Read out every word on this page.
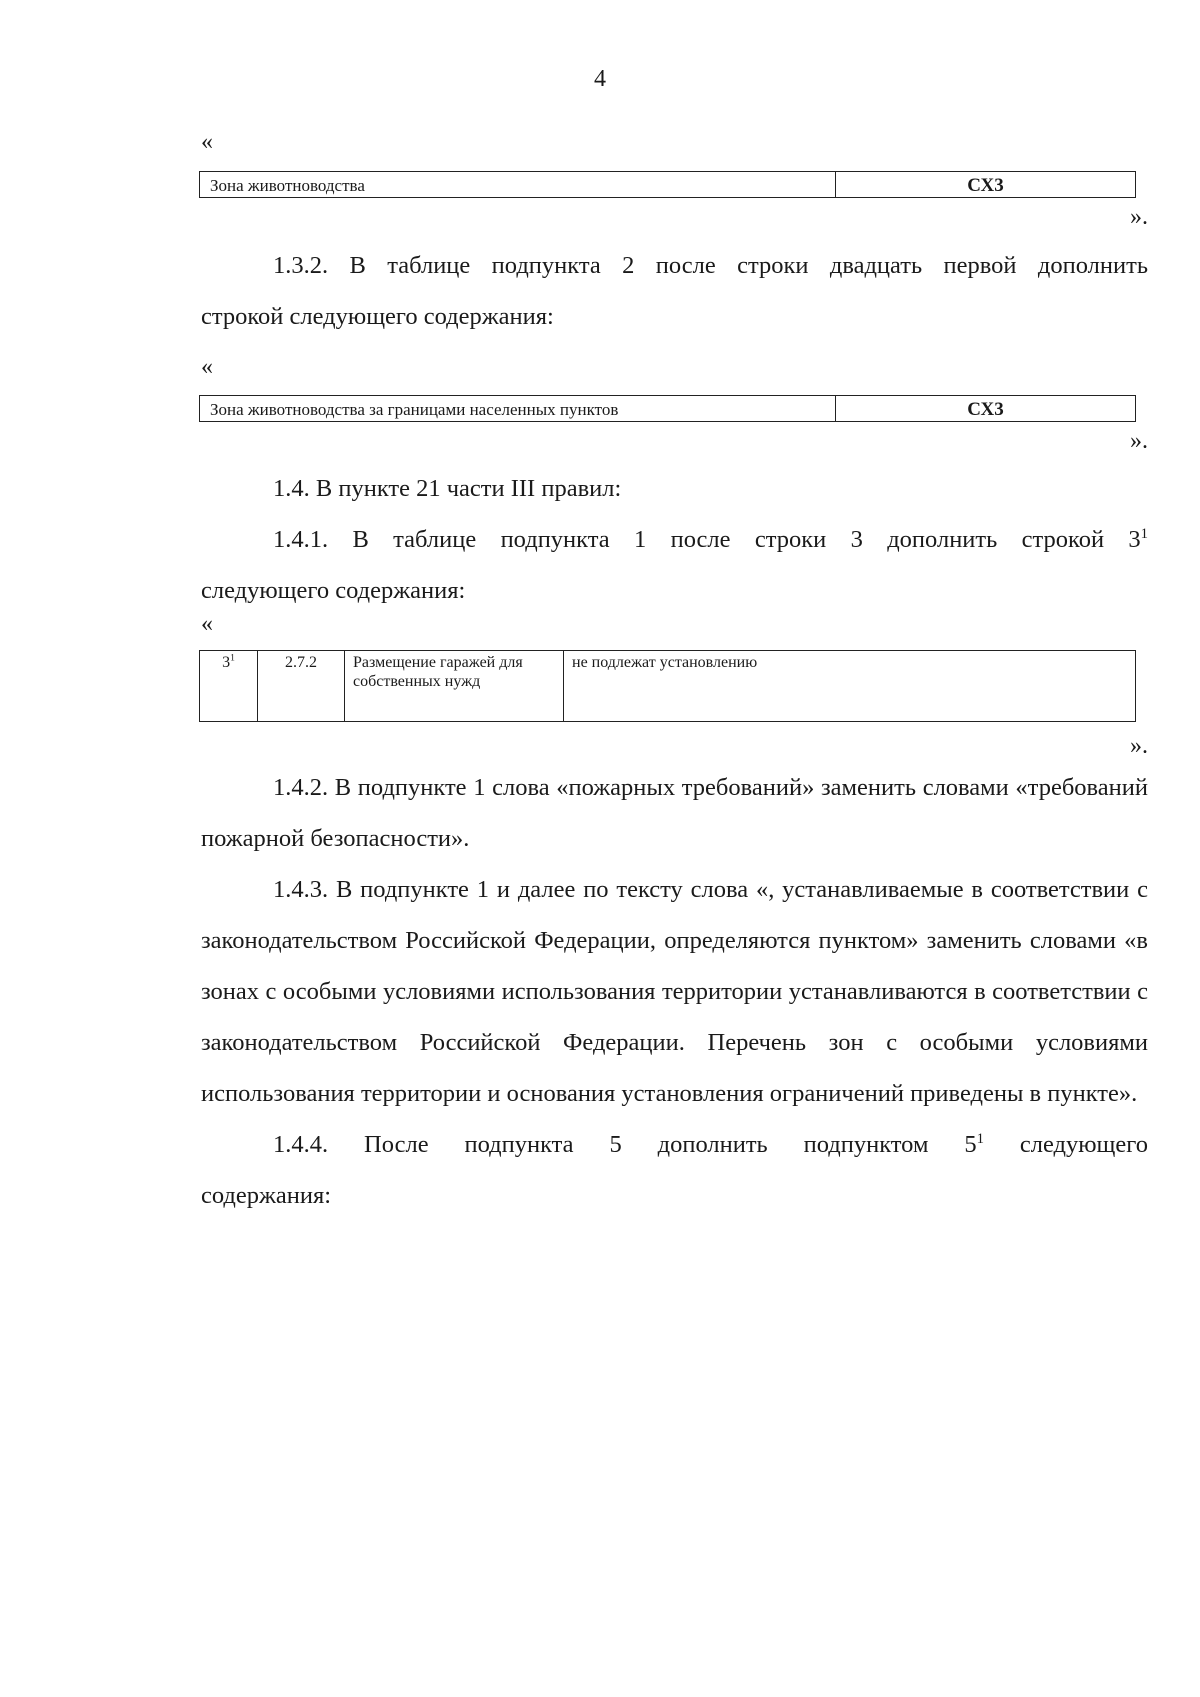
4
«
Зона животноводства	СХ3
».

1.3.2. В таблице подпункта 2 после строки двадцать первой дополнить

строкой следующего содержания:

«
Зона животноводства за границами населенных пунктов	СХ3
».

1.4. В пункте 21 части III правил:

1.4.1. В таблице подпункта 1 после строки 3 дополнить строкой $3^1$

следующего содержания:

«
$3^1$	2.7.2	Размещение гаражей для собственных нужд	не подлежат установлению
».

1.4.2. В подпункте 1 слова «пожарных требований» заменить словами «требований пожарной безопасности».

1.4.3. В подпункте 1 и далее по тексту слова «, устанавливаемые в соответствии с законодательством Российской Федерации, определяются пунктом» заменить словами «в зонах с особыми условиями использования территории устанавливаются в соответствии с законодательством Российской Федерации. Перечень зон с особыми условиями использования территории и основания установления ограничений приведены в пункте».

1.4.4. После подпункта 5 дополнить подпунктом $5^1$ следующего

содержания:
